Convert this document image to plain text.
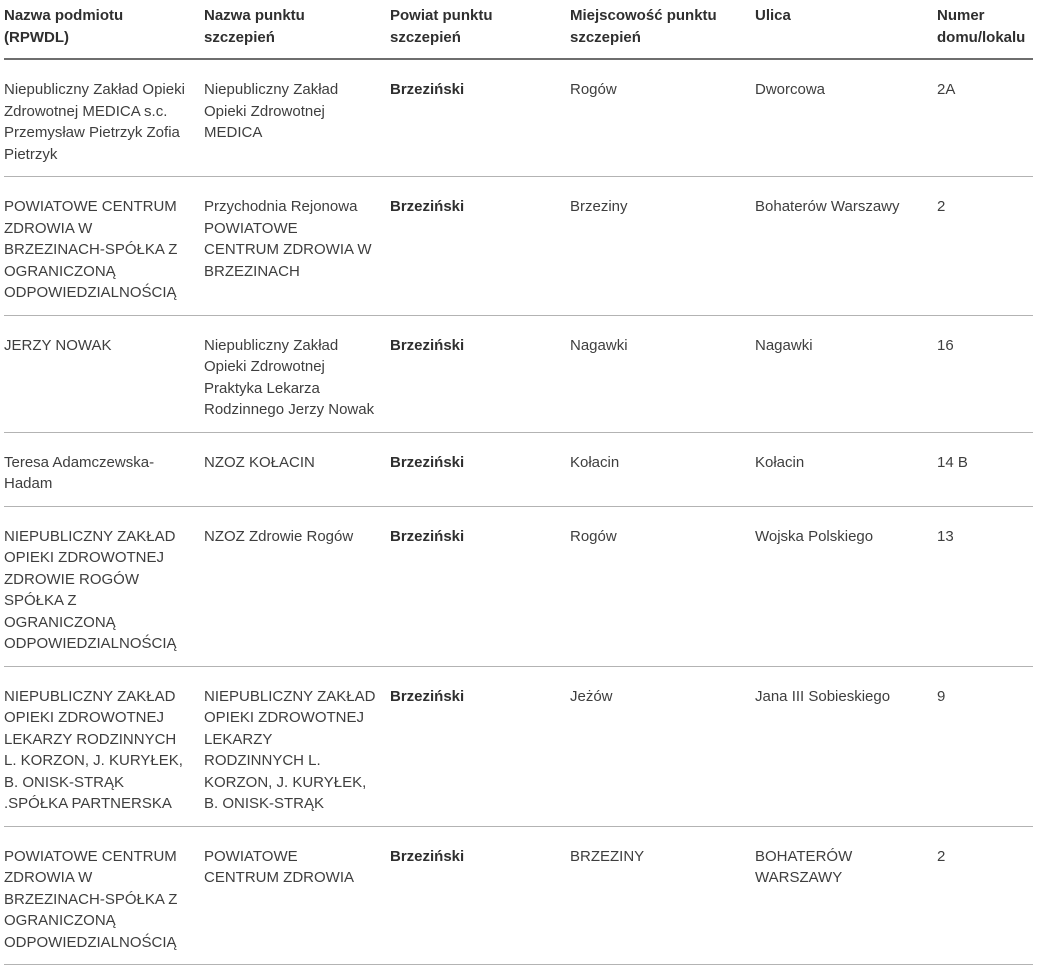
Nazwa podmiotu (RPWDL)	Nazwa punktu szczepień	Powiat punktu szczepień	Miejscowość punktu szczepień	Ulica	Numer domu/lokalu
Niepubliczny Zakład Opieki Zdrowotnej MEDICA s.c. Przemysław Pietrzyk Zofia Pietrzyk	Niepubliczny Zakład Opieki Zdrowotnej MEDICA	Brzeziński	Rogów	Dworcowa	2A
POWIATOWE CENTRUM ZDROWIA W BRZEZINACH-SPÓŁKA Z OGRANICZONĄ ODPOWIEDZIALNOŚCIĄ	Przychodnia Rejonowa POWIATOWE CENTRUM ZDROWIA W BRZEZINACH	Brzeziński	Brzeziny	Bohaterów Warszawy	2
JERZY NOWAK	Niepubliczny Zakład Opieki Zdrowotnej Praktyka Lekarza Rodzinnego Jerzy Nowak	Brzeziński	Nagawki	Nagawki	16
Teresa Adamczewska-Hadam	NZOZ KOŁACIN	Brzeziński	Kołacin	Kołacin	14 B
NIEPUBLICZNY ZAKŁAD OPIEKI ZDROWOTNEJ ZDROWIE ROGÓW SPÓŁKA Z OGRANICZONĄ ODPOWIEDZIALNOŚCIĄ	NZOZ Zdrowie Rogów	Brzeziński	Rogów	Wojska Polskiego	13
NIEPUBLICZNY ZAKŁAD OPIEKI ZDROWOTNEJ LEKARZY RODZINNYCH L. KORZON, J. KURYŁEK, B. ONISK-STRĄK .SPÓŁKA PARTNERSKA	NIEPUBLICZNY ZAKŁAD OPIEKI ZDROWOTNEJ LEKARZY RODZINNYCH L. KORZON, J. KURYŁEK, B. ONISK-STRĄK	Brzeziński	Jeżów	Jana III Sobieskiego	9
POWIATOWE CENTRUM ZDROWIA W BRZEZINACH-SPÓŁKA Z OGRANICZONĄ ODPOWIEDZIALNOŚCIĄ	POWIATOWE CENTRUM ZDROWIA	Brzeziński	BRZEZINY	BOHATERÓW WARSZAWY	2
